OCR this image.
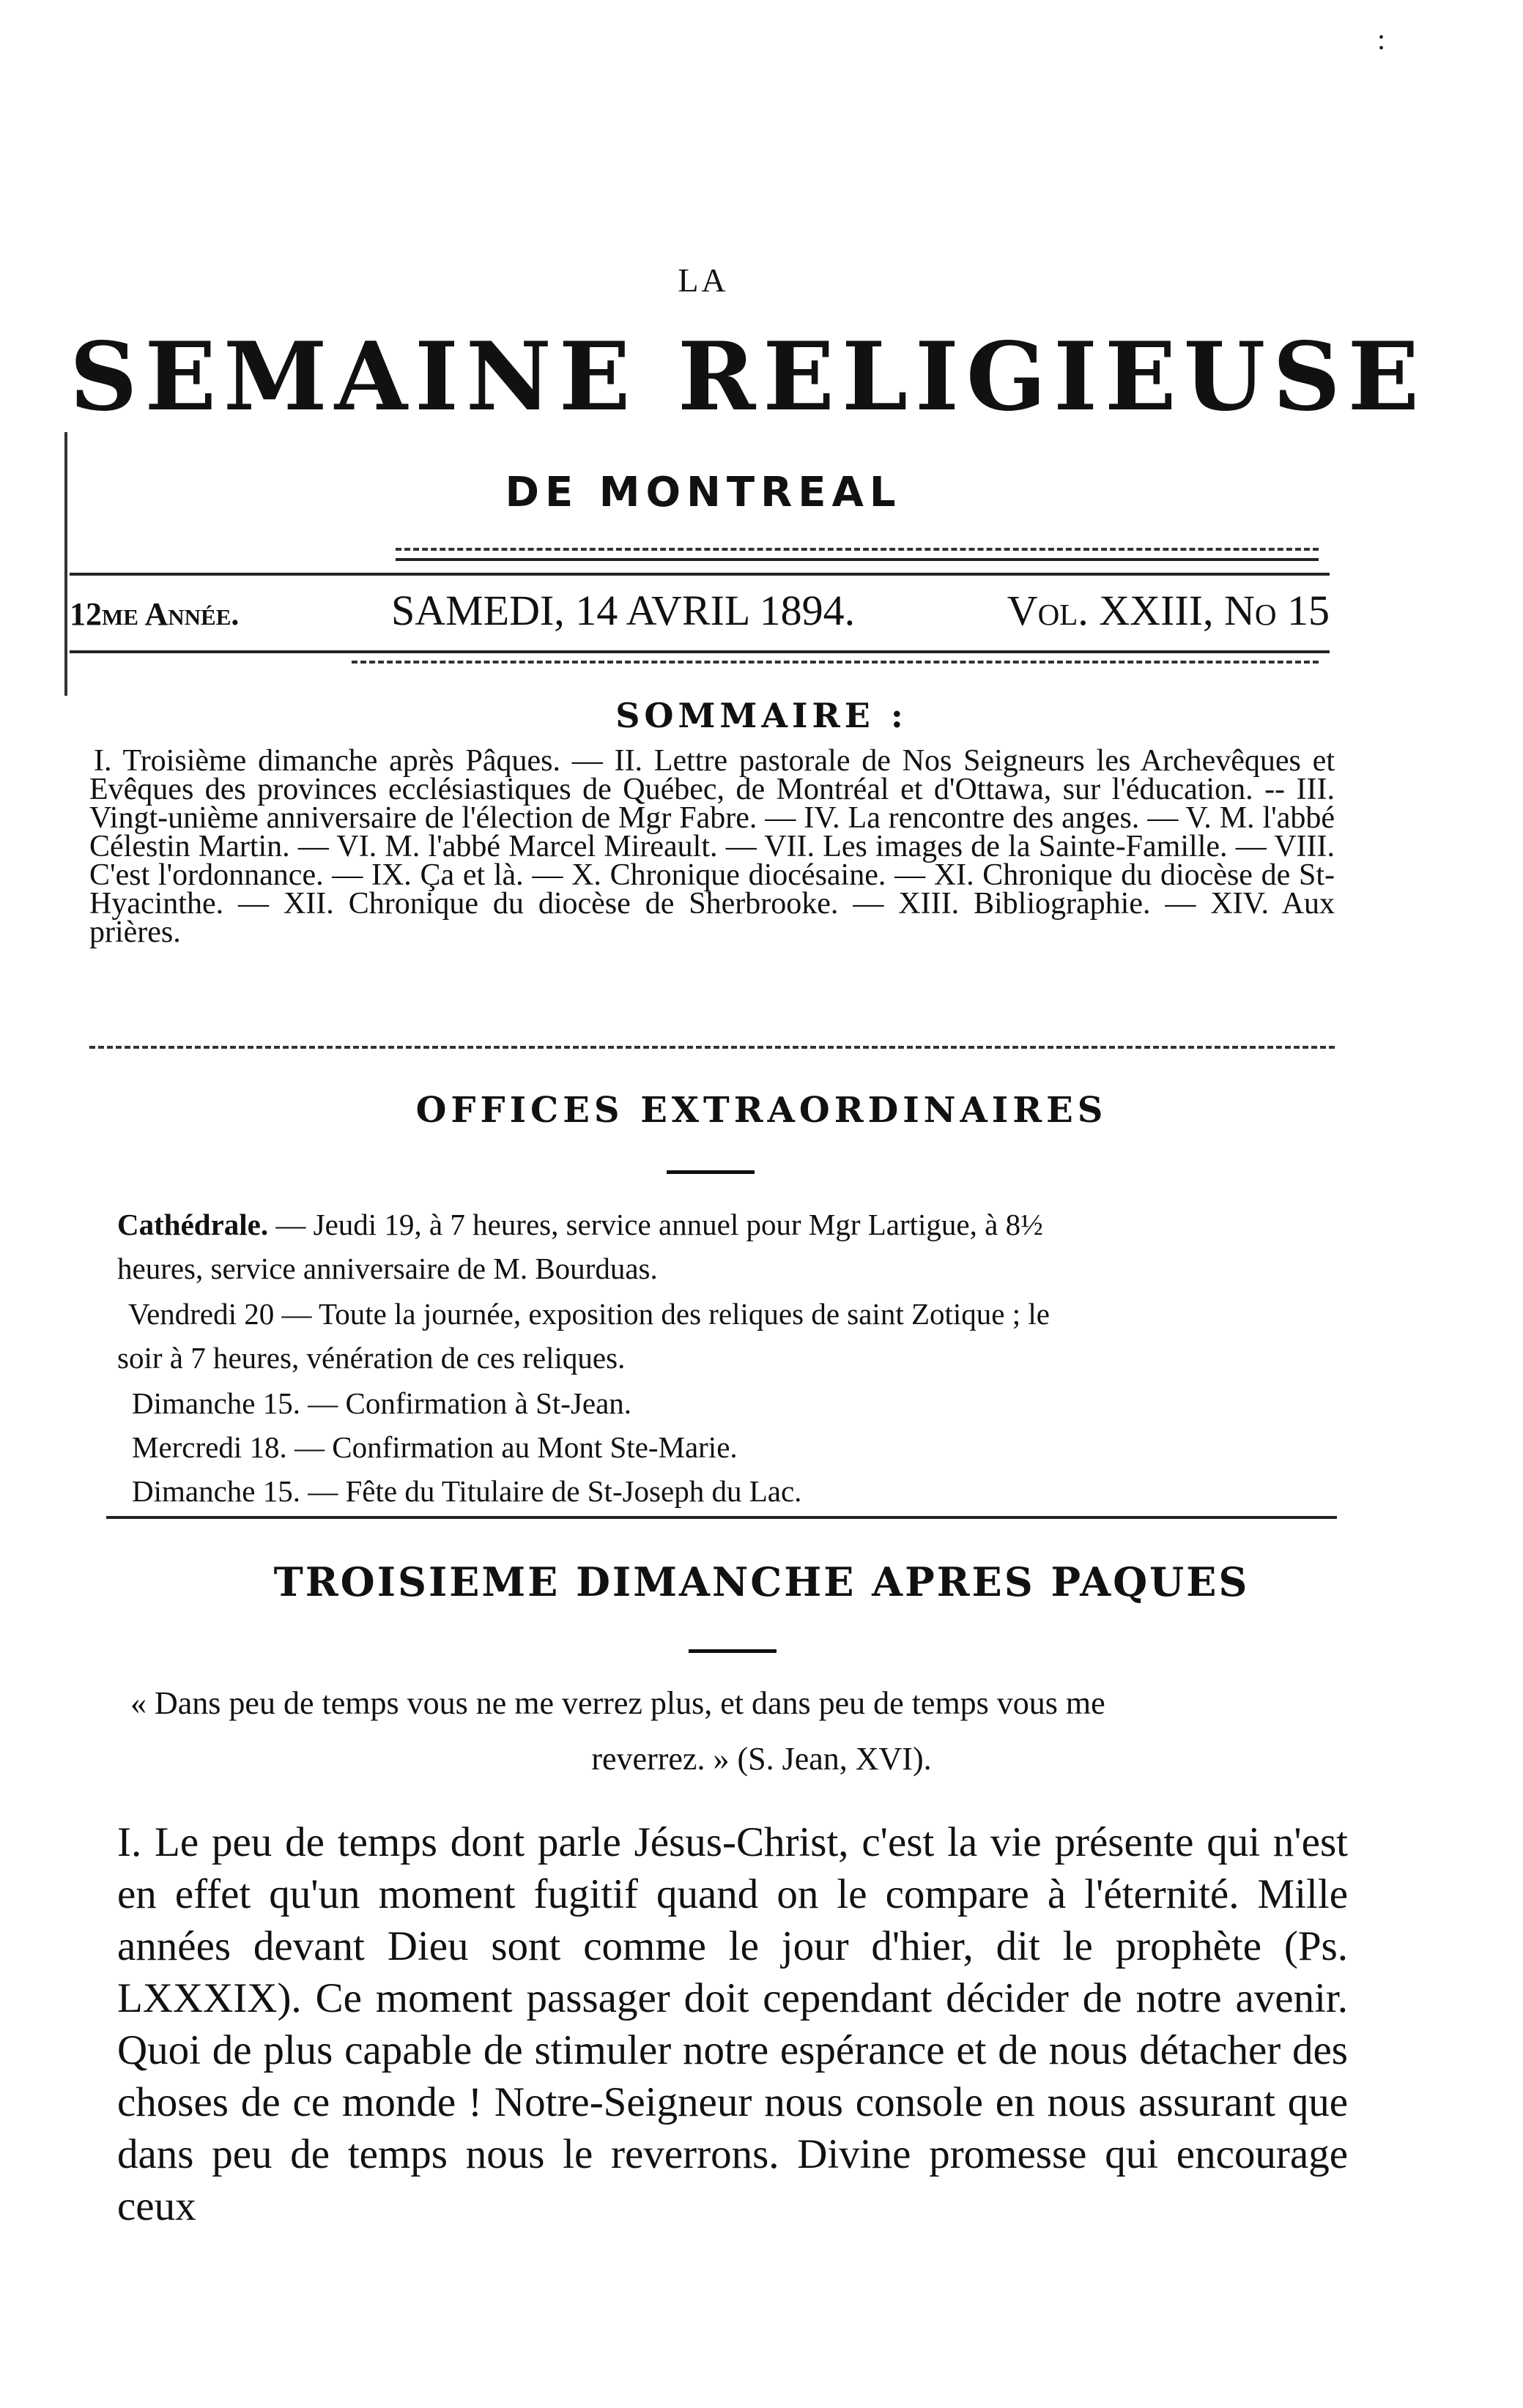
:
LA
SEMAINE RELIGIEUSE
DE MONTREAL
12me Année.	SAMEDI, 14 AVRIL 1894.	Vol. XXIII, No 15
SOMMAIRE :
I. Troisième dimanche après Pâques. — II. Lettre pastorale de Nos Seigneurs les Archevêques et Evêques des provinces ecclésiastiques de Québec, de Montréal et d'Ottawa, sur l'éducation. -- III. Vingt-unième anniversaire de l'élection de Mgr Fabre. — IV. La rencontre des anges. — V. M. l'abbé Célestin Martin. — VI. M. l'abbé Marcel Mireault. — VII. Les images de la Sainte-Famille. — VIII. C'est l'ordonnance. — IX. Ça et là. — X. Chronique diocésaine. — XI. Chronique du diocèse de St-Hyacinthe. — XII. Chronique du diocèse de Sherbrooke. — XIII. Bibliographie. — XIV. Aux prières.
OFFICES EXTRAORDINAIRES
Cathédrale. — Jeudi 19, à 7 heures, service annuel pour Mgr Lartigue, à 8½
heures, service anniversaire de M. Bourduas.
Vendredi 20 — Toute la journée, exposition des reliques de saint Zotique ; le
soir à 7 heures, vénération de ces reliques.
Dimanche 15. — Confirmation à St-Jean.
Mercredi 18. — Confirmation au Mont Ste-Marie.
Dimanche 15. — Fête du Titulaire de St-Joseph du Lac.
TROISIEME DIMANCHE APRES PAQUES
« Dans peu de temps vous ne me verrez plus, et dans peu de temps vous me
reverrez. » (S. Jean, XVI).
I. Le peu de temps dont parle Jésus-Christ, c'est la vie présente qui n'est en effet qu'un moment fugitif quand on le compare à l'éternité. Mille années devant Dieu sont comme le jour d'hier, dit le prophète (Ps. LXXXIX). Ce moment passager doit cependant décider de notre avenir. Quoi de plus capable de stimuler notre espérance et de nous détacher des choses de ce monde ! Notre-Seigneur nous console en nous assurant que dans peu de temps nous le reverrons. Divine promesse qui encourage ceux
